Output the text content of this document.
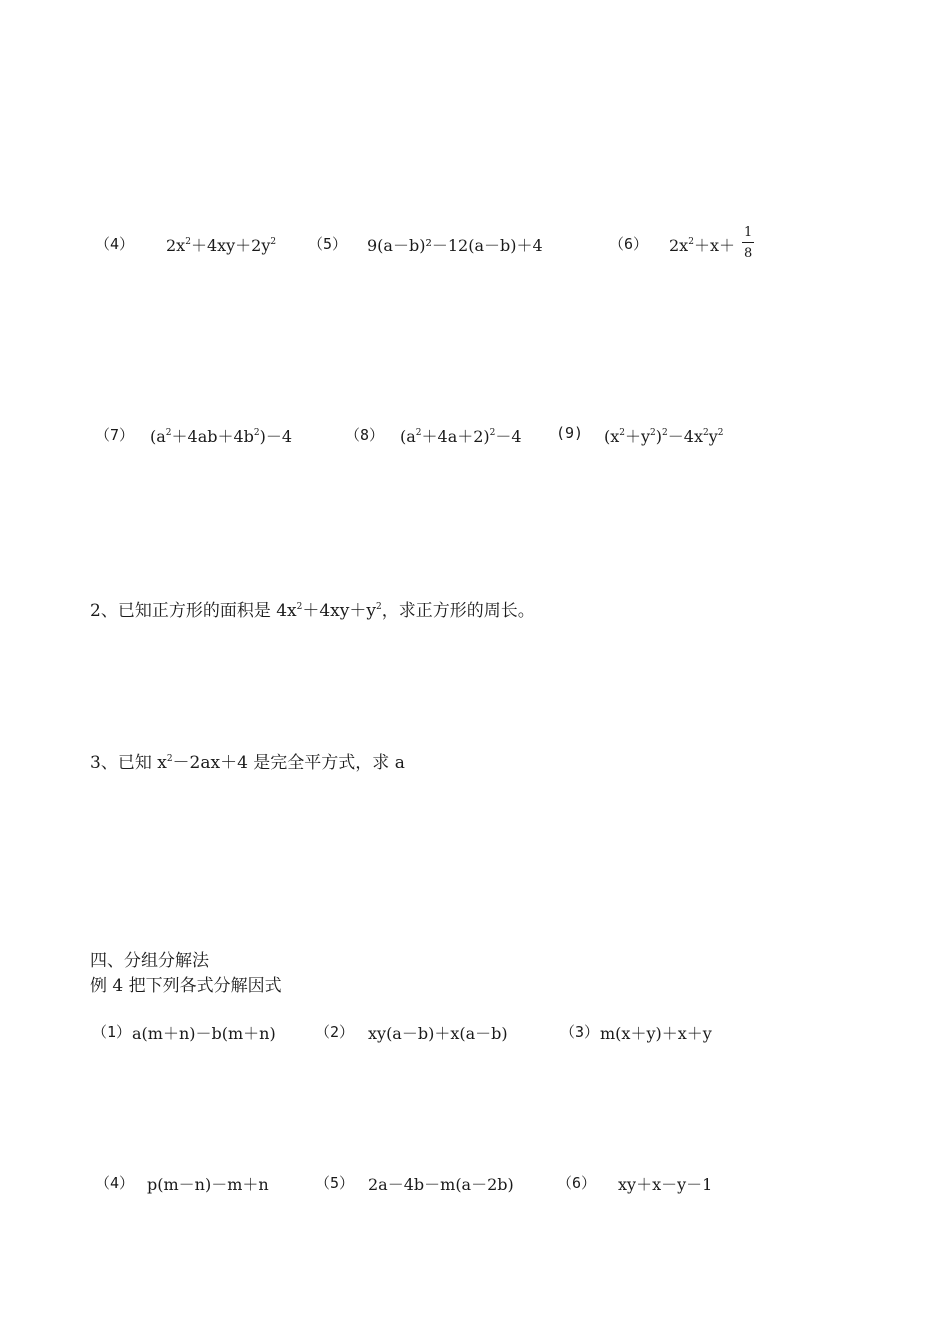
（4） $2x^2+4xy+2y^2$ （5） 9(a－b)²－12(a－b)＋4	（6） $2x^2+x+$
1
8
（7） $(a^2+4ab+4b^2)-4$	（8） $(a^2+4a+2)^2-4$ (9) $(x^2+y^2)^2-4x^2y^2$
2、已知正方形的面积是 $4x^2+4xy+y^2$，求正方形的周长。
3、已知 $x^2-2ax+4$ 是完全平方式，求 a
四、分组分解法
例 4 把下列各式分解因式
（1） a(m＋n)－b(m＋n)	（2） xy(a－b)＋x(a－b)	（3） m(x＋y)＋x＋y
（4） p(m－n)－m＋n	（5） 2a－4b－m(a－2b)	（6） xy＋x－y－1
